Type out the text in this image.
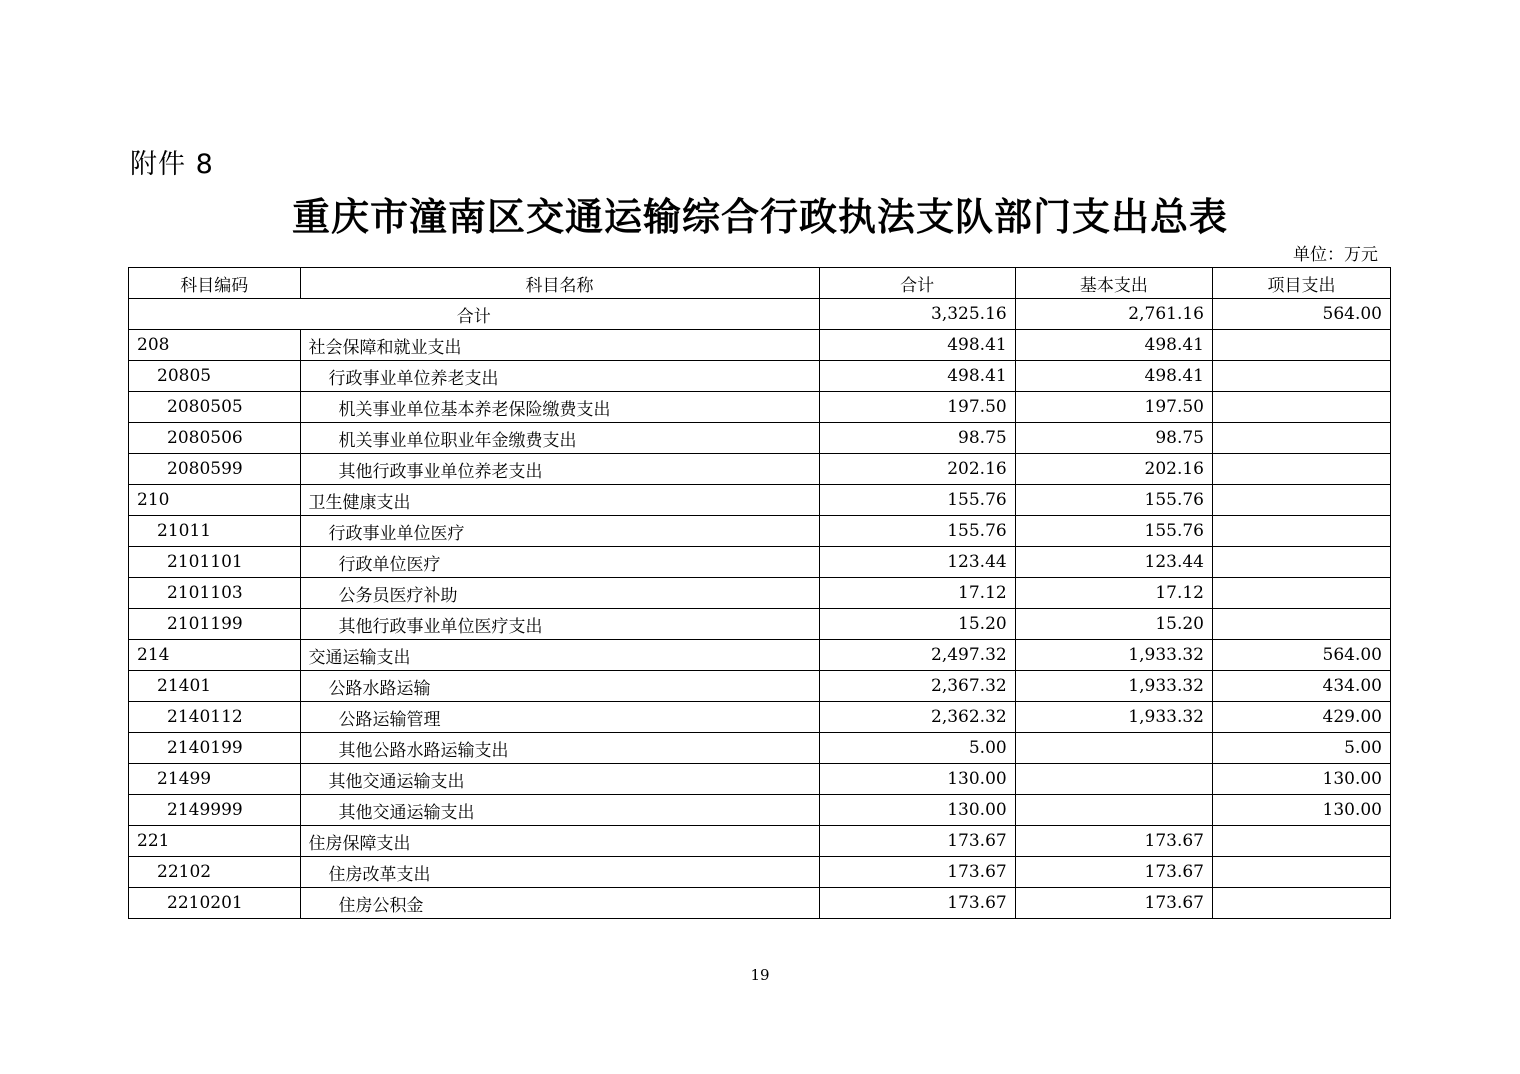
附件 8
重庆市潼南区交通运输综合行政执法支队部门支出总表
单位：万元
科目编码	科目名称	合计	基本支出	项目支出
合计		3,325.16	2,761.16	564.00
208	社会保障和就业支出	498.41	498.41	
20805	行政事业单位养老支出	498.41	498.41	
2080505	机关事业单位基本养老保险缴费支出	197.50	197.50	
2080506	机关事业单位职业年金缴费支出	98.75	98.75	
2080599	其他行政事业单位养老支出	202.16	202.16	
210	卫生健康支出	155.76	155.76	
21011	行政事业单位医疗	155.76	155.76	
2101101	行政单位医疗	123.44	123.44	
2101103	公务员医疗补助	17.12	17.12	
2101199	其他行政事业单位医疗支出	15.20	15.20	
214	交通运输支出	2,497.32	1,933.32	564.00
21401	公路水路运输	2,367.32	1,933.32	434.00
2140112	公路运输管理	2,362.32	1,933.32	429.00
2140199	其他公路水路运输支出	5.00		5.00
21499	其他交通运输支出	130.00		130.00
2149999	其他交通运输支出	130.00		130.00
221	住房保障支出	173.67	173.67	
22102	住房改革支出	173.67	173.67	
2210201	住房公积金	173.67	173.67	
19
